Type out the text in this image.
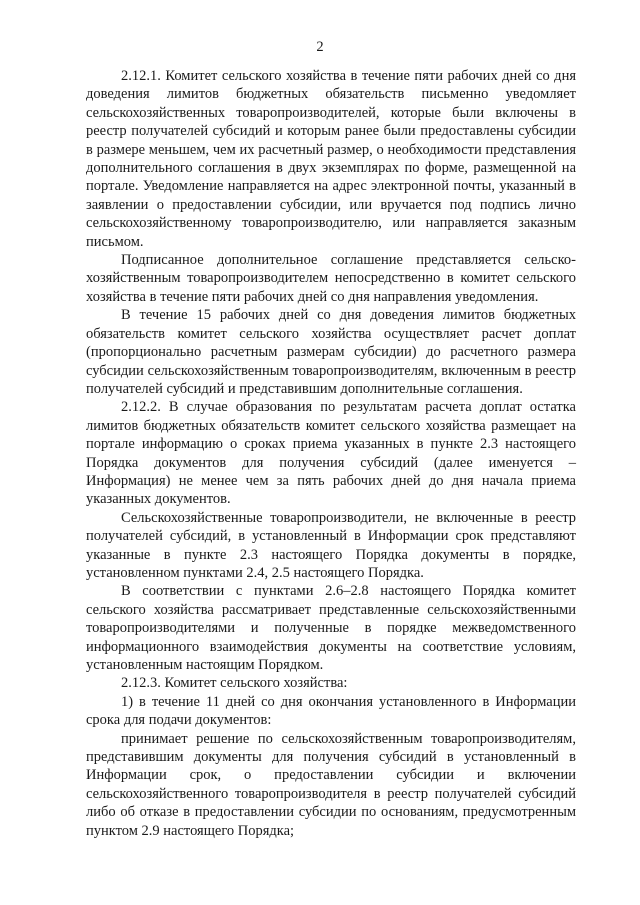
2

2.12.1. Комитет сельского хозяйства в течение пяти рабочих дней со дня доведения лимитов бюджетных обязательств письменно уведомляет сельскохозяйственных товаропроизводителей, которые были включены в реестр получателей субсидий и которым ранее были предоставлены субсидии в размере меньшем, чем их расчетный размер, о необходимости представления дополнительного соглашения в двух экземплярах по форме, размещенной на портале. Уведомление направляется на адрес электронной почты, указанный в заявлении о предоставлении субсидии, или вручается под подпись лично сельскохозяйственному товаропроизводителю, или направляется заказным письмом.

Подписанное дополнительное соглашение представляется сельскохозяйственным товаропроизводителем непосредственно в комитет сельского хозяйства в течение пяти рабочих дней со дня направления уведомления.

В течение 15 рабочих дней со дня доведения лимитов бюджетных обязательств комитет сельского хозяйства осуществляет расчет доплат (пропорционально расчетным размерам субсидии) до расчетного размера субсидии сельскохозяйственным товаропроизводителям, включенным в реестр получателей субсидий и представившим дополнительные соглашения.

2.12.2. В случае образования по результатам расчета доплат остатка лимитов бюджетных обязательств комитет сельского хозяйства размещает на портале информацию о сроках приема указанных в пункте 2.3 настоящего Порядка документов для получения субсидий (далее именуется – Информация) не менее чем за пять рабочих дней до дня начала приема указанных документов.

Сельскохозяйственные товаропроизводители, не включенные в реестр получателей субсидий, в установленный в Информации срок представляют указанные в пункте 2.3 настоящего Порядка документы в порядке, установленном пунктами 2.4, 2.5 настоящего Порядка.

В соответствии с пунктами 2.6–2.8 настоящего Порядка комитет сельского хозяйства рассматривает представленные сельскохозяйственными товаропроизводителями и полученные в порядке межведомственного информационного взаимодействия документы на соответствие условиям, установленным настоящим Порядком.

2.12.3. Комитет сельского хозяйства:

1) в течение 11 дней со дня окончания установленного в Информации срока для подачи документов:

принимает решение по сельскохозяйственным товаропроизводителям, представившим документы для получения субсидий в установленный в Информации срок, о предоставлении субсидии и включении сельскохозяйственного товаропроизводителя в реестр получателей субсидий либо об отказе в предоставлении субсидии по основаниям, предусмотренным пунктом 2.9 настоящего Порядка;
